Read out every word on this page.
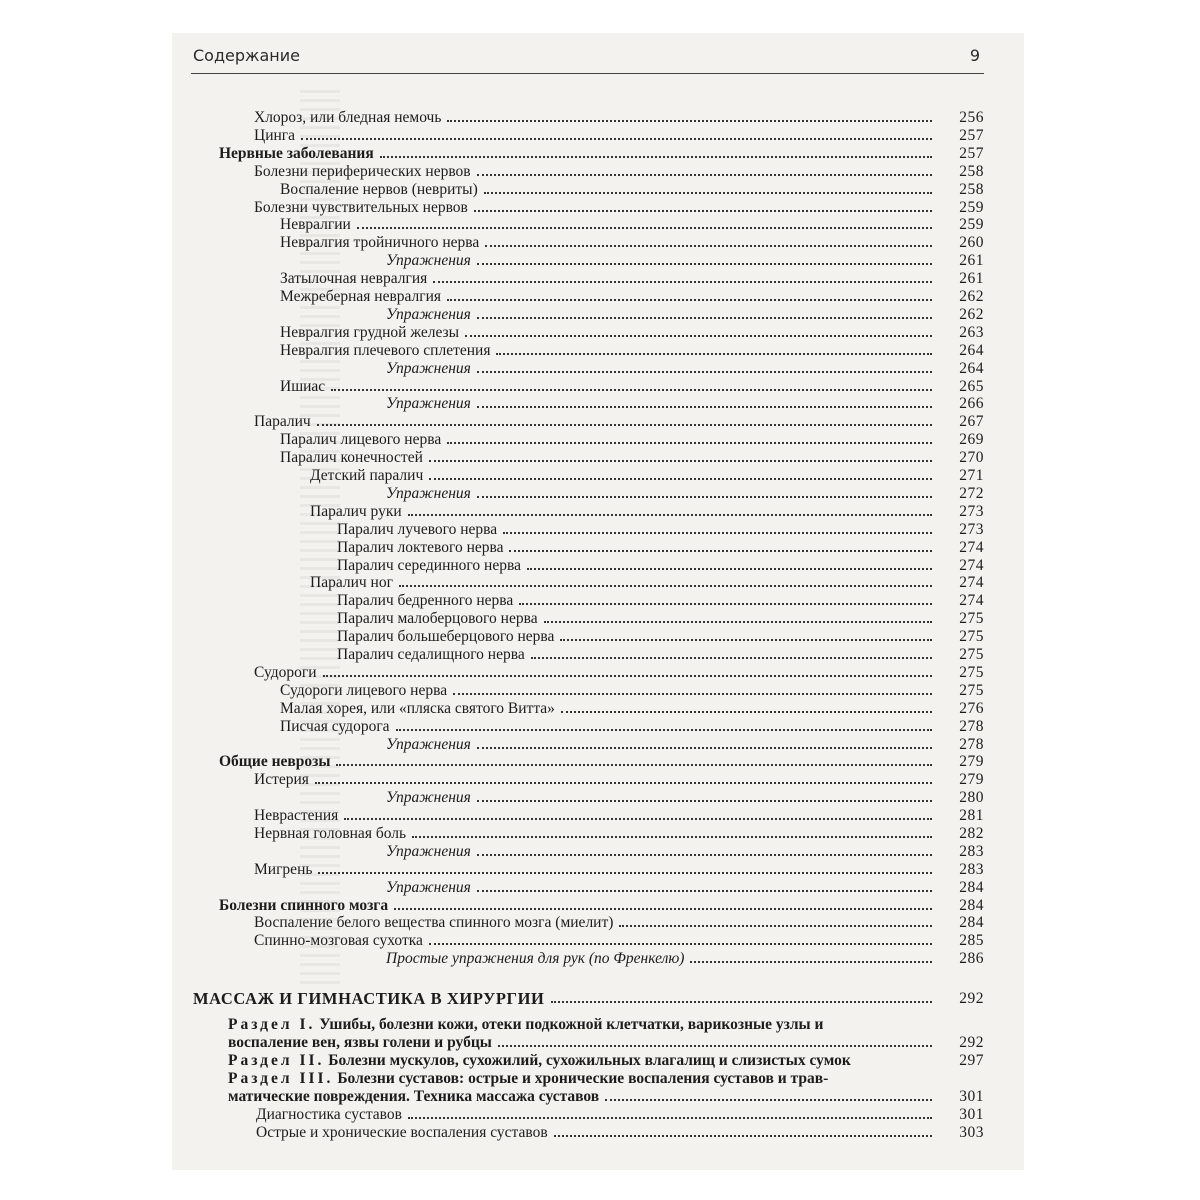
Содержание	9
МАССАЖ И ГИМНАСТИКА В ХИРУРГИИ	292
Раздел I. Ушибы, болезни кожи, отеки подкожной клетчатки, варикозные узлы и
воспаление вен, язвы голени и рубцы	292
Раздел II. Болезни мускулов, сухожилий, сухожильных влагалищ и слизистых сумок	297
Раздел III. Болезни суставов: острые и хронические воспаления суставов и трав-
матические повреждения. Техника массажа суставов	301
Диагностика суставов	301
Острые и хронические воспаления суставов	303
Хлороз, или бледная немочь	256
Цинга	257
Нервные заболевания	257
Болезни периферических нервов	258
Воспаление нервов (невриты)	258
Болезни чувствительных нервов	259
Невралгии	259
Невралгия тройничного нерва	260
Упражнения	261
Затылочная невралгия	261
Межреберная невралгия	262
Упражнения	262
Невралгия грудной железы	263
Невралгия плечевого сплетения	264
Упражнения	264
Ишиас	265
Упражнения	266
Паралич	267
Паралич лицевого нерва	269
Паралич конечностей	270
Детский паралич	271
Упражнения	272
Паралич руки	273
Паралич лучевого нерва	273
Паралич локтевого нерва	274
Паралич серединного нерва	274
Паралич ног	274
Паралич бедренного нерва	274
Паралич малоберцового нерва	275
Паралич большеберцового нерва	275
Паралич седалищного нерва	275
Судороги	275
Судороги лицевого нерва	275
Малая хорея, или «пляска святого Витта»	276
Писчая судорога	278
Упражнения	278
Общие неврозы	279
Истерия	279
Упражнения	280
Неврастения	281
Нервная головная боль	282
Упражнения	283
Мигрень	283
Упражнения	284
Болезни спинного мозга	284
Воспаление белого вещества спинного мозга (миелит)	284
Спинно-мозговая сухотка	285
Простые упражнения для рук (по Френкелю)	286
